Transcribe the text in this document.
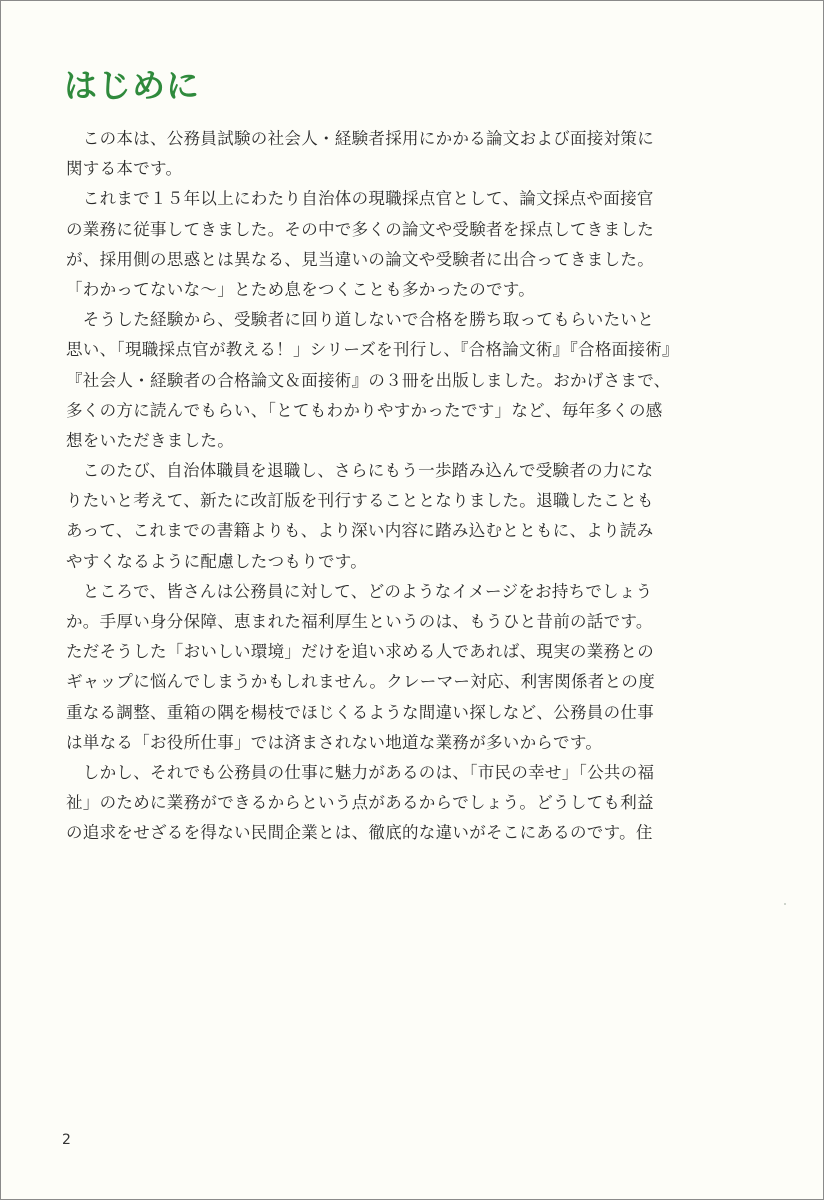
はじめに
　この本は、公務員試験の社会人・経験者採用にかかる論文および面接対策に
関する本です。
　これまで１５年以上にわたり自治体の現職採点官として、論文採点や面接官
の業務に従事してきました。その中で多くの論文や受験者を採点してきました
が、採用側の思惑とは異なる、見当違いの論文や受験者に出合ってきました。
「わかってないな～」とため息をつくことも多かったのです。
　そうした経験から、受験者に回り道しないで合格を勝ち取ってもらいたいと
思い、「現職採点官が教える！」シリーズを刊行し、『合格論文術』『合格面接術』
『社会人・経験者の合格論文＆面接術』の３冊を出版しました。おかげさまで、
多くの方に読んでもらい、「とてもわかりやすかったです」など、毎年多くの感
想をいただきました。
　このたび、自治体職員を退職し、さらにもう一歩踏み込んで受験者の力にな
りたいと考えて、新たに改訂版を刊行することとなりました。退職したことも
あって、これまでの書籍よりも、より深い内容に踏み込むとともに、より読み
やすくなるように配慮したつもりです。
　ところで、皆さんは公務員に対して、どのようなイメージをお持ちでしょう
か。手厚い身分保障、恵まれた福利厚生というのは、もうひと昔前の話です。
ただそうした「おいしい環境」だけを追い求める人であれば、現実の業務との
ギャップに悩んでしまうかもしれません。クレーマー対応、利害関係者との度
重なる調整、重箱の隅を楊枝でほじくるような間違い探しなど、公務員の仕事
は単なる「お役所仕事」では済まされない地道な業務が多いからです。
　しかし、それでも公務員の仕事に魅力があるのは、「市民の幸せ」「公共の福
祉」のために業務ができるからという点があるからでしょう。どうしても利益
の追求をせざるを得ない民間企業とは、徹底的な違いがそこにあるのです。住
2
